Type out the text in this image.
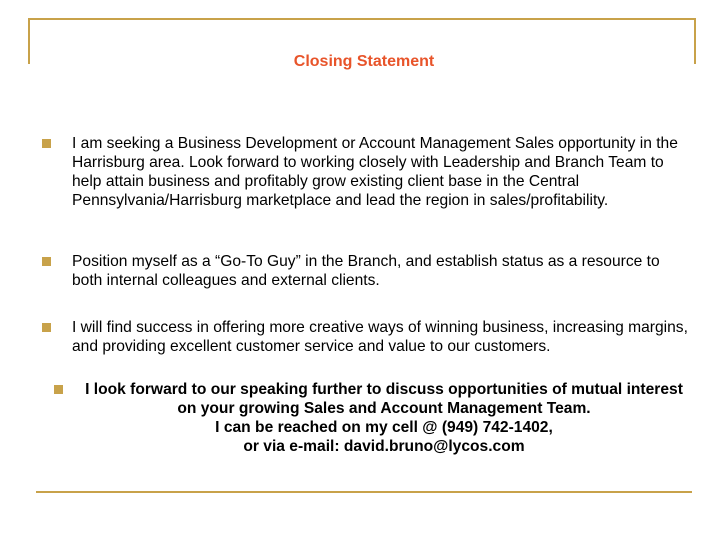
Closing Statement
I am seeking a Business Development or Account Management Sales opportunity in the Harrisburg area. Look forward to working closely with Leadership and Branch Team to help attain business and profitably grow existing client base in the Central Pennsylvania/Harrisburg marketplace and lead the region in sales/profitability.
Position myself as a “Go-To Guy” in the Branch, and establish status as a resource to both internal colleagues and external clients.
I will find success in offering more creative ways of winning business, increasing margins, and providing excellent customer service and value to our customers.
I look forward to our speaking further to discuss opportunities of mutual interest on your growing Sales and Account Management Team.
I can be reached on my cell @ (949) 742-1402,
or via e-mail: david.bruno@lycos.com
